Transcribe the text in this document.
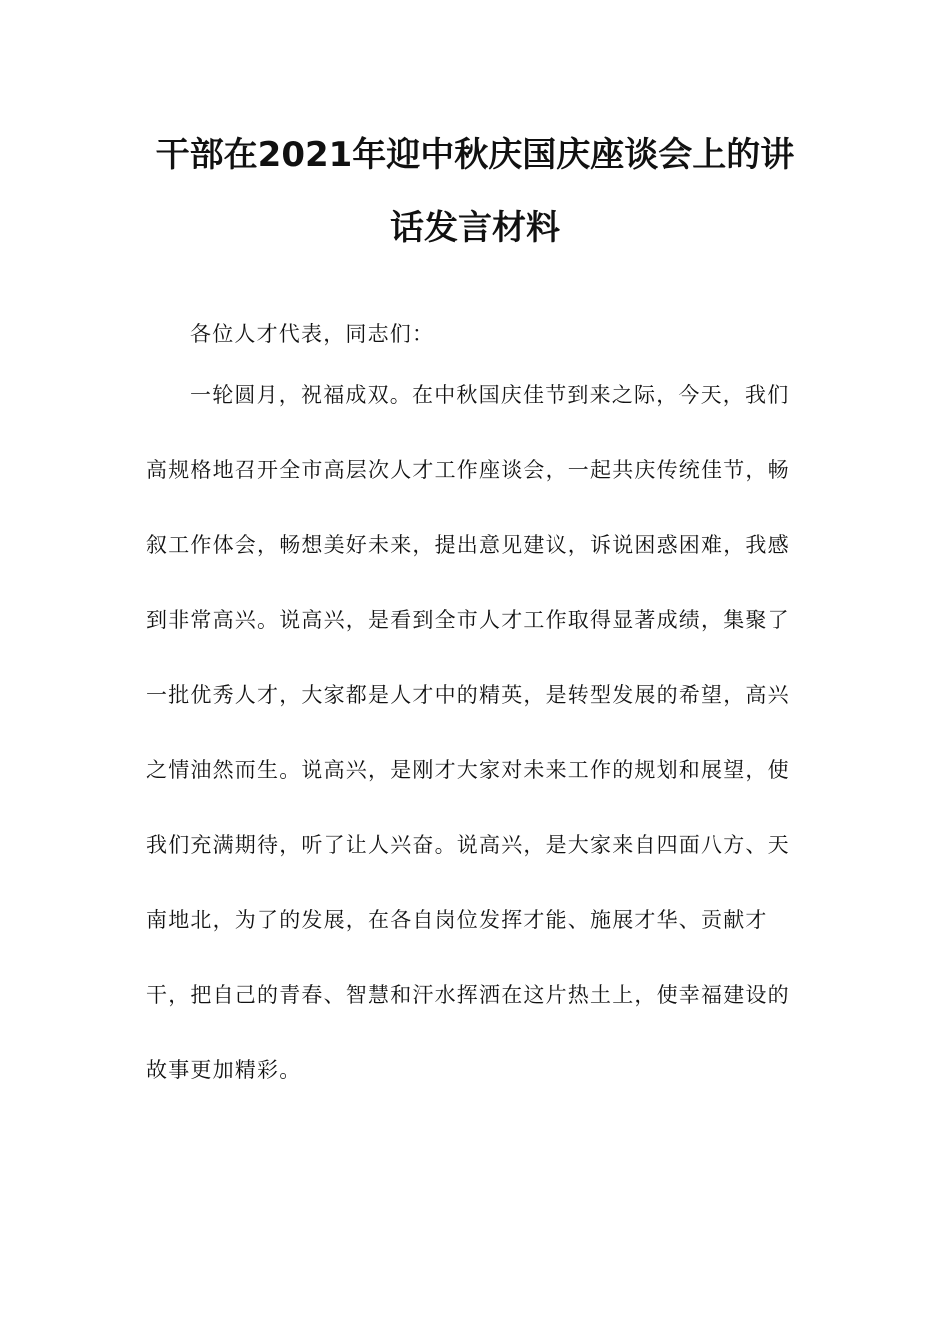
干部在2021年迎中秋庆国庆座谈会上的讲
话发言材料

各位人才代表，同志们：

一轮圆月，祝福成双。在中秋国庆佳节到来之际，今天，我们

高规格地召开全市高层次人才工作座谈会，一起共庆传统佳节，畅

叙工作体会，畅想美好未来，提出意见建议，诉说困惑困难，我感

到非常高兴。说高兴，是看到全市人才工作取得显著成绩，集聚了

一批优秀人才，大家都是人才中的精英，是转型发展的希望，高兴

之情油然而生。说高兴，是刚才大家对未来工作的规划和展望，使

我们充满期待，听了让人兴奋。说高兴，是大家来自四面八方、天

南地北，为了的发展，在各自岗位发挥才能、施展才华、贡献才

干，把自己的青春、智慧和汗水挥洒在这片热土上，使幸福建设的

故事更加精彩。
